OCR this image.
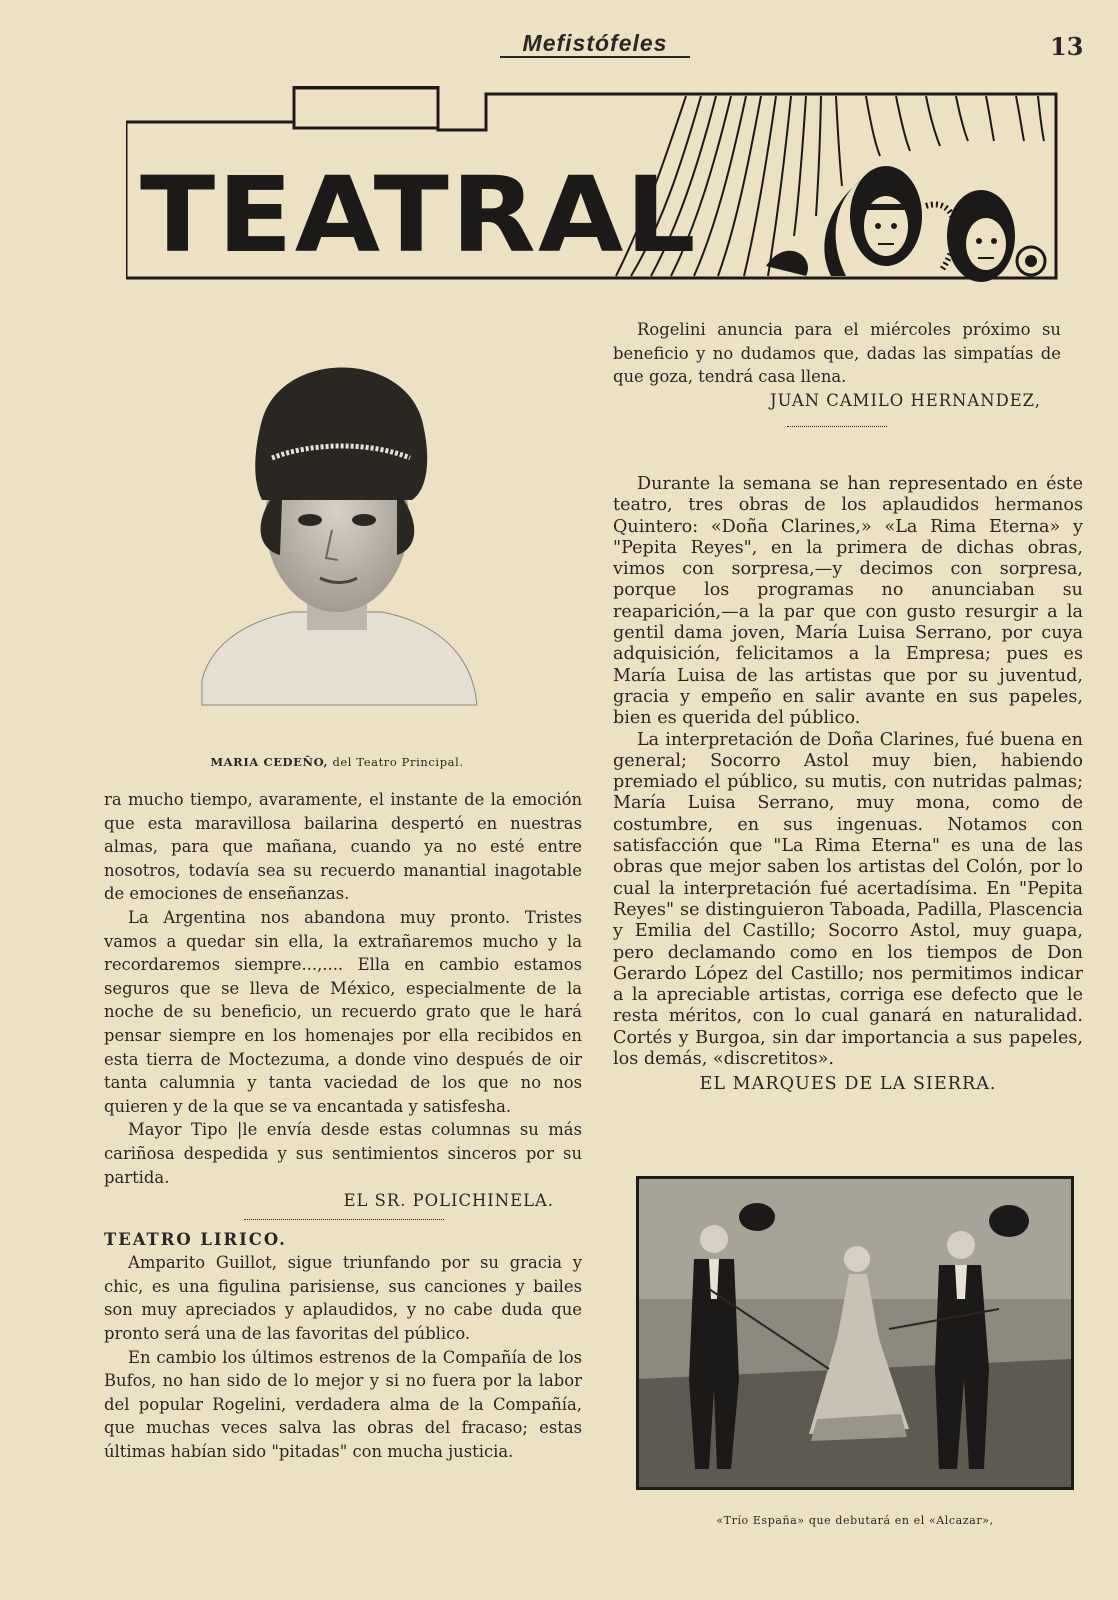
Mefistófeles	13
TEATRAL
MARIA CEDEÑO, del Teatro Principal.

Rogelini anuncia para el miércoles próximo su beneficio y no dudamos que, dadas las simpatías de que goza, tendrá casa llena.

JUAN CAMILO HERNANDEZ,

Durante la semana se han representado en éste teatro, tres obras de los aplaudidos hermanos Quintero: «Doña Clarines,» «La Rima Eterna» y "Pepita Reyes", en la primera de dichas obras, vimos con sorpresa,—y decimos con sorpresa, porque los programas no anunciaban su reaparición,—a la par que con gusto resurgir a la gentil dama joven, María Luisa Serrano, por cuya adquisición, felicitamos a la Empresa; pues es María Luisa de las artistas que por su juventud, gracia y empeño en salir avante en sus papeles, bien es querida del público.

La interpretación de Doña Clarines, fué buena en general; Socorro Astol muy bien, habiendo premiado el público, su mutis, con nutridas palmas; María Luisa Serrano, muy mona, como de costumbre, en sus ingenuas. Notamos con satisfacción que "La Rima Eterna" es una de las obras que mejor saben los artistas del Colón, por lo cual la interpretación fué acertadísima. En "Pepita Reyes" se distinguieron Taboada, Padilla, Plascencia y Emilia del Castillo; Socorro Astol, muy guapa, pero declamando como en los tiempos de Don Gerardo López del Castillo; nos permitimos indicar a la apreciable artistas, corriga ese defecto que le resta méritos, con lo cual ganará en naturalidad. Cortés y Burgoa, sin dar importancia a sus papeles, los demás, «discretitos».

EL MARQUES DE LA SIERRA.

«Trío España» que debutará en el «Alcazar»,

ra mucho tiempo, avaramente, el instante de la emoción que esta maravillosa bailarina despertó en nuestras almas, para que mañana, cuando ya no esté entre nosotros, todavía sea su recuerdo manantial inagotable de emociones de enseñanzas.

La Argentina nos abandona muy pronto. Tristes vamos a quedar sin ella, la extrañaremos mucho y la recordaremos siempre...,.... Ella en cambio estamos seguros que se lleva de México, especialmente de la noche de su beneficio, un recuerdo grato que le hará pensar siempre en los homenajes por ella recibidos en esta tierra de Moctezuma, a donde vino después de oir tanta calumnia y tanta vaciedad de los que no nos quieren y de la que se va encantada y satisfesha.

Mayor Tipo |le envía desde estas columnas su más cariñosa despedida y sus sentimientos sinceros por su partida.

EL SR. POLICHINELA.

TEATRO LIRICO.

Amparito Guillot, sigue triunfando por su gracia y chic, es una figulina parisiense, sus canciones y bailes son muy apreciados y aplaudidos, y no cabe duda que pronto será una de las favoritas del público.

En cambio los últimos estrenos de la Compañía de los Bufos, no han sido de lo mejor y si no fuera por la labor del popular Rogelini, verdadera alma de la Compañía, que muchas veces salva las obras del fracaso; estas últimas habían sido "pitadas" con mucha justicia.
